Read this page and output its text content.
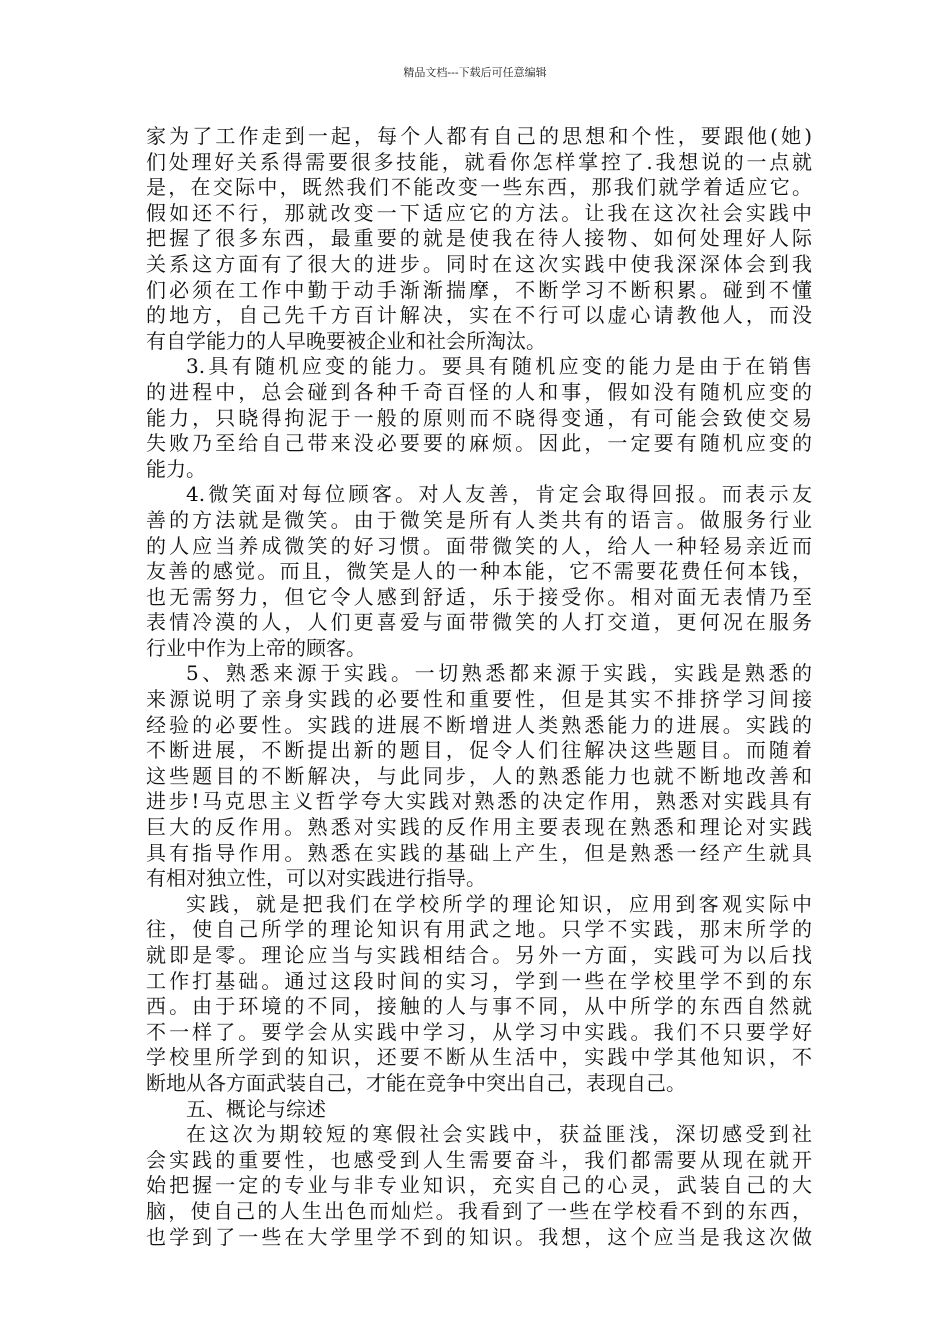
精品文档---下载后可任意编辑
家为了工作走到一起，每个人都有自己的思想和个性，要跟他(她)
们处理好关系得需要很多技能，就看你怎样掌控了.我想说的一点就
是，在交际中，既然我们不能改变一些东西，那我们就学着适应它。
假如还不行，那就改变一下适应它的方法。让我在这次社会实践中
把握了很多东西，最重要的就是使我在待人接物、如何处理好人际
关系这方面有了很大的进步。同时在这次实践中使我深深体会到我
们必须在工作中勤于动手渐渐揣摩，不断学习不断积累。碰到不懂
的地方，自己先千方百计解决，实在不行可以虚心请教他人，而没
有自学能力的人早晚要被企业和社会所淘汰。
3.具有随机应变的能力。要具有随机应变的能力是由于在销售
的进程中，总会碰到各种千奇百怪的人和事，假如没有随机应变的
能力，只晓得拘泥于一般的原则而不晓得变通，有可能会致使交易
失败乃至给自己带来没必要要的麻烦。因此，一定要有随机应变的
能力。
4.微笑面对每位顾客。对人友善，肯定会取得回报。而表示友
善的方法就是微笑。由于微笑是所有人类共有的语言。做服务行业
的人应当养成微笑的好习惯。面带微笑的人，给人一种轻易亲近而
友善的感觉。而且，微笑是人的一种本能，它不需要花费任何本钱，
也无需努力，但它令人感到舒适，乐于接受你。相对面无表情乃至
表情冷漠的人，人们更喜爱与面带微笑的人打交道，更何况在服务
行业中作为上帝的顾客。
5、熟悉来源于实践。一切熟悉都来源于实践，实践是熟悉的
来源说明了亲身实践的必要性和重要性，但是其实不排挤学习间接
经验的必要性。实践的进展不断增进人类熟悉能力的进展。实践的
不断进展，不断提出新的题目，促令人们往解决这些题目。而随着
这些题目的不断解决，与此同步，人的熟悉能力也就不断地改善和
进步!马克思主义哲学夸大实践对熟悉的决定作用，熟悉对实践具有
巨大的反作用。熟悉对实践的反作用主要表现在熟悉和理论对实践
具有指导作用。熟悉在实践的基础上产生，但是熟悉一经产生就具
有相对独立性，可以对实践进行指导。
实践，就是把我们在学校所学的理论知识，应用到客观实际中
往，使自己所学的理论知识有用武之地。只学不实践，那末所学的
就即是零。理论应当与实践相结合。另外一方面，实践可为以后找
工作打基础。通过这段时间的实习，学到一些在学校里学不到的东
西。由于环境的不同，接触的人与事不同，从中所学的东西自然就
不一样了。要学会从实践中学习，从学习中实践。我们不只要学好
学校里所学到的知识，还要不断从生活中，实践中学其他知识，不
断地从各方面武装自己，才能在竞争中突出自己，表现自己。
五、概论与综述
在这次为期较短的寒假社会实践中，获益匪浅，深切感受到社
会实践的重要性，也感受到人生需要奋斗，我们都需要从现在就开
始把握一定的专业与非专业知识，充实自己的心灵，武装自己的大
脑，使自己的人生出色而灿烂。我看到了一些在学校看不到的东西，
也学到了一些在大学里学不到的知识。我想，这个应当是我这次做
